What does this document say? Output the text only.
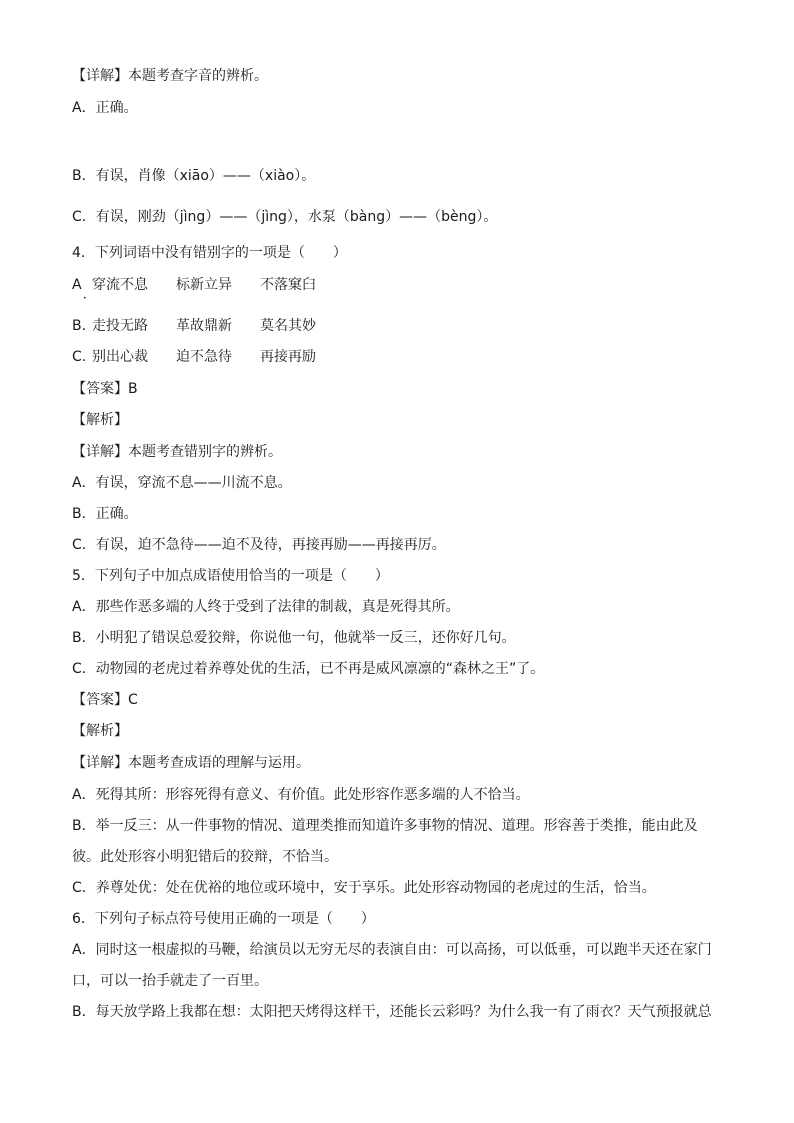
【详解】本题考查字音的辨析。
A．正确。
B．有误，肖像（xiāo）——（xiào）。
C．有误，刚劲（jìng）——（jìng），水泵（bàng）——（bèng）。
4．下列词语中没有错别字的一项是（　　）
A 穿流不息 标新立异 不落窠臼
•
B. 走投无路 革故鼎新 莫名其妙
C. 别出心裁 迫不急待 再接再励
【答案】B
【解析】
【详解】本题考查错别字的辨析。
A．有误，穿流不息——川流不息。
B．正确。
C．有误，迫不急待——迫不及待，再接再励——再接再厉。
5．下列句子中加点成语使用恰当的一项是（　　）
A．那些作恶多端的人终于受到了法律的制裁，真是死得其所。
B．小明犯了错误总爱狡辩，你说他一句，他就举一反三，还你好几句。
C．动物园的老虎过着养尊处优的生活，已不再是威风凛凛的“森林之王”了。
【答案】C
【解析】
【详解】本题考查成语的理解与运用。
A．死得其所：形容死得有意义、有价值。此处形容作恶多端的人不恰当。
B．举一反三：从一件事物的情况、道理类推而知道许多事物的情况、道理。形容善于类推，能由此及
彼。此处形容小明犯错后的狡辩，不恰当。
C．养尊处优：处在优裕的地位或环境中，安于享乐。此处形容动物园的老虎过的生活，恰当。
6．下列句子标点符号使用正确的一项是（　　）
A．同时这一根虚拟的马鞭，给演员以无穷无尽的表演自由：可以高扬，可以低垂，可以跑半天还在家门
口，可以一抬手就走了一百里。
B．每天放学路上我都在想：太阳把天烤得这样干，还能长云彩吗？为什么我一有了雨衣？天气预报就总
